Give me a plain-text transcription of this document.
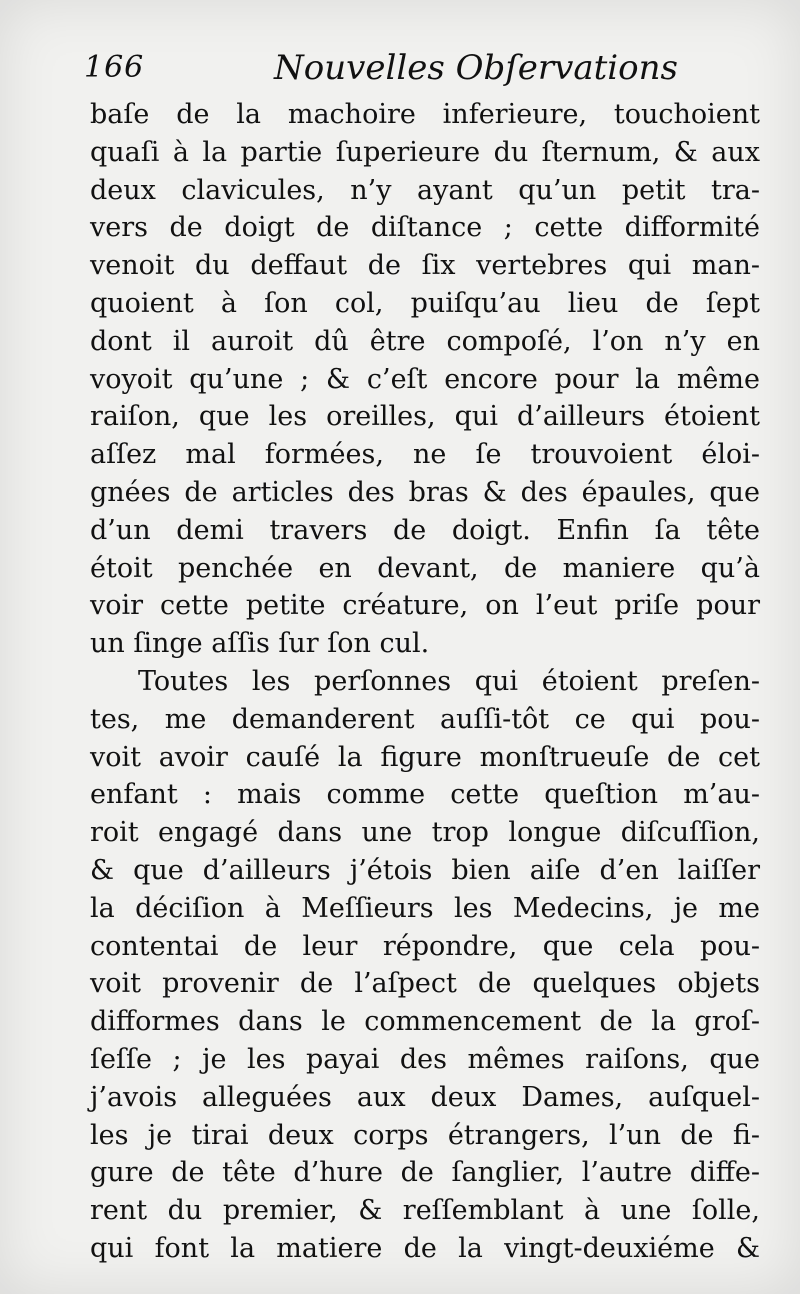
166	Nouvelles Obſervations
baſe de la machoire inferieure, touchoient
quaſi à la partie ſuperieure du ſternum, & aux
deux clavicules, n’y ayant qu’un petit tra-
vers de doigt de diſtance ; cette difformité
venoit du deffaut de ſix vertebres qui man-
quoient à ſon col, puiſqu’au lieu de ſept
dont il auroit dû être compoſé, l’on n’y en
voyoit qu’une ; & c’eſt encore pour la même
raiſon, que les oreilles, qui d’ailleurs étoient
aſſez mal formées, ne ſe trouvoient éloi-
gnées de articles des bras & des épaules, que
d’un demi travers de doigt. Enfin ſa tête
étoit penchée en devant, de maniere qu’à
voir cette petite créature, on l’eut priſe pour
un ſinge aſſis ſur ſon cul.
Toutes les perſonnes qui étoient preſen-
tes, me demanderent auſſi-tôt ce qui pou-
voit avoir cauſé la figure monſtrueuſe de cet
enfant : mais comme cette queſtion m’au-
roit engagé dans une trop longue diſcuſſion,
& que d’ailleurs j’étois bien aiſe d’en laiſſer
la déciſion à Meſſieurs les Medecins, je me
contentai de leur répondre, que cela pou-
voit provenir de l’aſpect de quelques objets
difformes dans le commencement de la groſ-
ſeſſe ; je les payai des mêmes raiſons, que
j’avois alleguées aux deux Dames, auſquel-
les je tirai deux corps étrangers, l’un de fi-
gure de tête d’hure de ſanglier, l’autre diffe-
rent du premier, & reſſemblant à une ſolle,
qui font la matiere de la vingt-deuxiéme &
